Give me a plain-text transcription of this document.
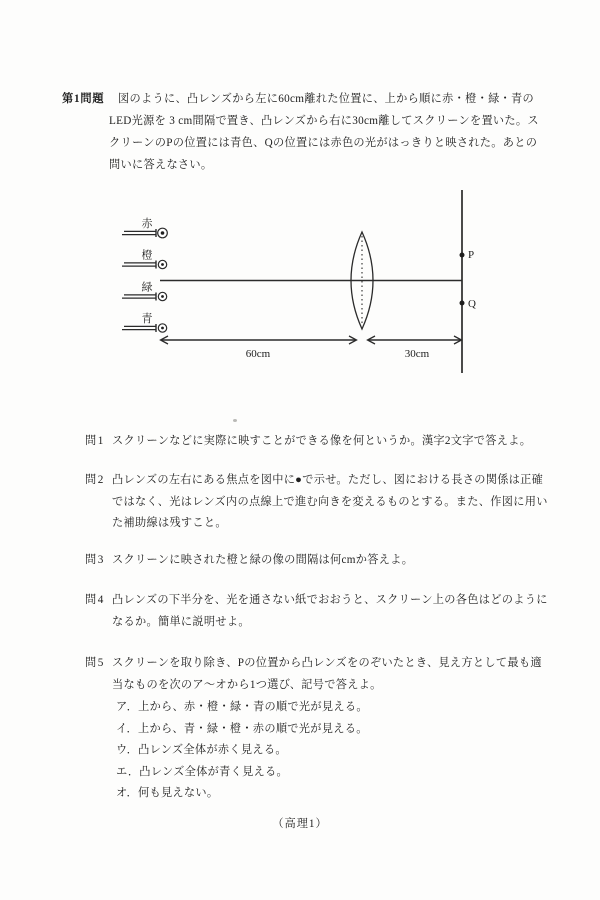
第1問題 図のように、凸レンズから左に60cm離れた位置に、上から順に赤・橙・緑・青の
LED光源を 3 cm間隔で置き、凸レンズから右に30cm離してスクリーンを置いた。ス
クリーンのPの位置には青色、Qの位置には赤色の光がはっきりと映された。あとの
問いに答えなさい。
赤
橙
緑
青
P
Q
60cm	30cm
問1 スクリーンなどに実際に映すことができる像を何というか。漢字2文字で答えよ。
問2 凸レンズの左右にある焦点を図中に●で示せ。ただし、図における長さの関係は正確
ではなく、光はレンズ内の点線上で進む向きを変えるものとする。また、作図に用い
た補助線は残すこと。
問3 スクリーンに映された橙と緑の像の間隔は何cmか答えよ。
問4 凸レンズの下半分を、光を通さない紙でおおうと、スクリーン上の各色はどのように
なるか。簡単に説明せよ。
問5 スクリーンを取り除き、Pの位置から凸レンズをのぞいたとき、見え方として最も適
当なものを次のア～オから1つ選び、記号で答えよ。
ア．上から、赤・橙・緑・青の順で光が見える。
イ．上から、青・緑・橙・赤の順で光が見える。
ウ．凸レンズ全体が赤く見える。
エ．凸レンズ全体が青く見える。
オ．何も見えない。
（高理1）
